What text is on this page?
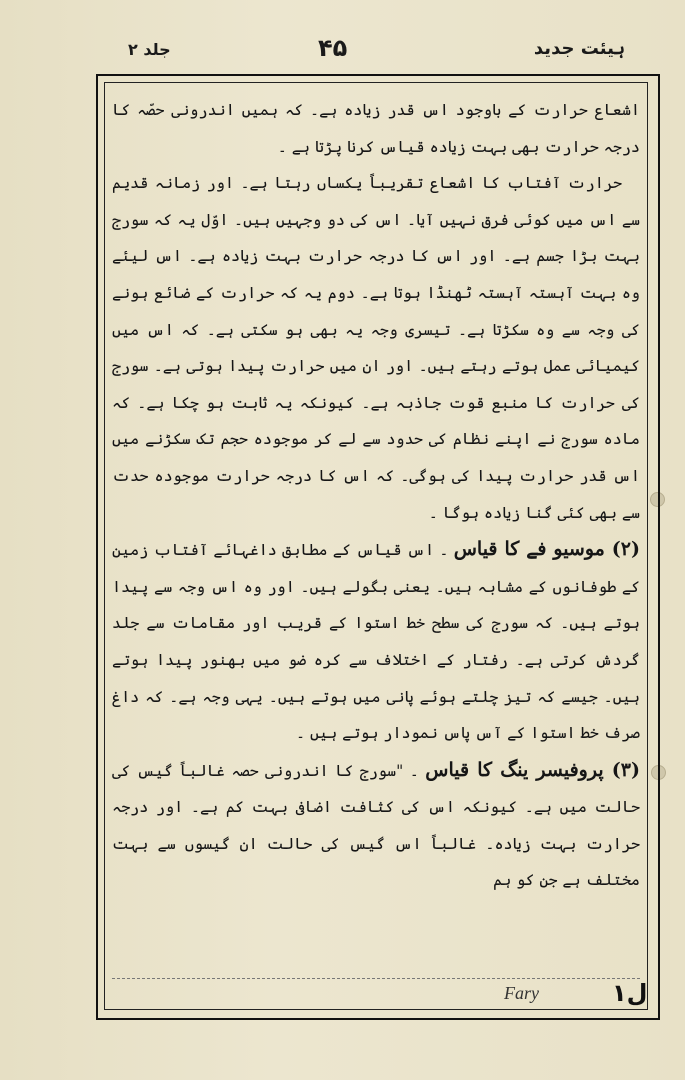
ہیئت جدید
۴۵
جلد ۲

اشعاع حرارت کے باوجود اس قدر زیادہ ہے۔ کہ ہمیں اندرونی حصّہ کا درجہ حرارت بھی بہت زیادہ قیاس کرنا پڑتا ہے ۔

حرارت آفتاب کا اشعاع تقریباً یکساں رہتا ہے۔ اور زمانہ قدیم سے اس میں کوئی فرق نہیں آیا۔ اس کی دو وجہیں ہیں۔ اوّل یہ کہ سورج بہت بڑا جسم ہے۔ اور اس کا درجہ حرارت بہت زیادہ ہے۔ اس لیئے وہ بہت آہستہ آہستہ ٹھنڈا ہوتا ہے۔ دوم یہ کہ حرارت کے ضائع ہونے کی وجہ سے وہ سکڑتا ہے۔ تیسری وجہ یہ بھی ہو سکتی ہے۔ کہ اس میں کیمیائی عمل ہوتے رہتے ہیں۔ اور ان میں حرارت پیدا ہوتی ہے۔ سورج کی حرارت کا منبع قوت جاذبہ ہے۔ کیونکہ یہ ثابت ہو چکا ہے۔ کہ مادہ سورج نے اپنے نظام کی حدود سے لے کر موجودہ حجم تک سکڑنے میں اس قدر حرارت پیدا کی ہوگی۔ کہ اس کا درجہ حرارت موجودہ حدت سے بھی کئی گنا زیادہ ہوگا ۔

(۲) موسیو فے کا قیاس ۔ اس قیاس کے مطابق داغہائے آفتاب زمین کے طوفانوں کے مشابہ ہیں۔ یعنی بگولے ہیں۔ اور وہ اس وجہ سے پیدا ہوتے ہیں۔ کہ سورج کی سطح خط استوا کے قریب اور مقامات سے جلد گردش کرتی ہے۔ رفتار کے اختلاف سے کرہ ضو میں بھنور پیدا ہوتے ہیں۔ جیسے کہ تیز چلتے ہوئے پانی میں ہوتے ہیں۔ یہی وجہ ہے۔ کہ داغ صرف خط استوا کے آس پاس نمودار ہوتے ہیں ۔

(۳) پروفیسر ینگ کا قیاس ۔ "سورج کا اندرونی حصہ غالباً گیس کی حالت میں ہے۔ کیونکہ اس کی کثافت اضافی بہت کم ہے۔ اور درجہ حرارت بہت زیادہ۔ غالباً اس گیس کی حالت ان گیسوں سے بہت مختلف ہے جن کو ہم

Fary	۱ل
